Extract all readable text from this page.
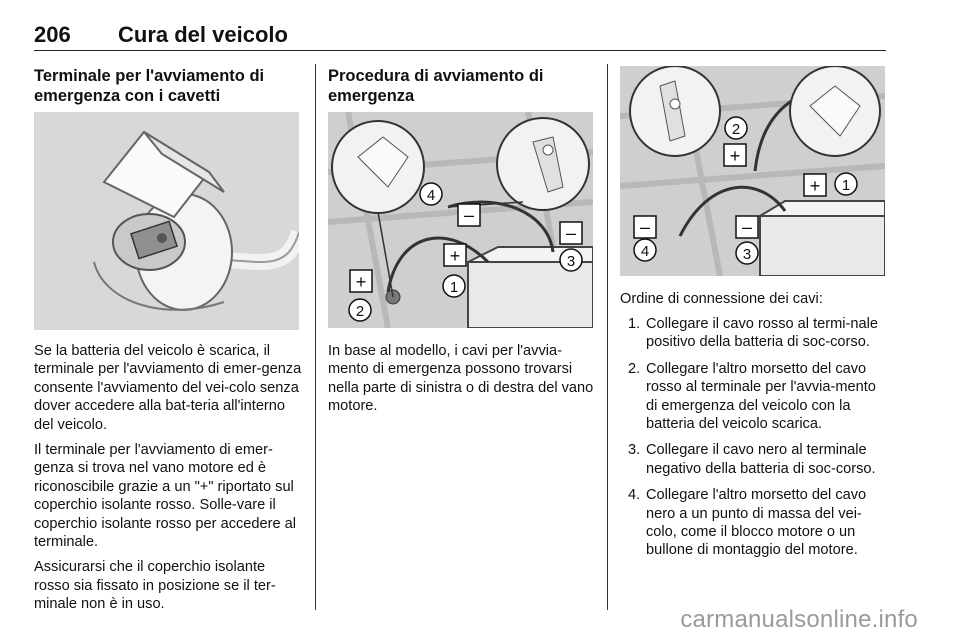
206 Cura del veicolo
Terminale per l'avviamento di emergenza con i cavetti

Se la batteria del veicolo è scarica, il terminale per l'avviamento di emer-genza consente l'avviamento del vei-colo senza dover accedere alla bat-teria all'interno del veicolo.

Il terminale per l'avviamento di emer-genza si trova nel vano motore ed è riconoscibile grazie a un "+" riportato sul coperchio isolante rosso. Solle-vare il coperchio isolante rosso per accedere al terminale.

Assicurarsi che il coperchio isolante rosso sia fissato in posizione se il ter-minale non è in uso.

Procedura di avviamento di emergenza
+
2
+
1
4
–
–
3

In base al modello, i cavi per l'avvia-mento di emergenza possono trovarsi nella parte di sinistra o di destra del vano motore.

2
+
+ 1
–
4
–
3
Ordine di connessione dei cavi:
1. Collegare il cavo rosso al termi-nale positivo della batteria di soc-corso.
2. Collegare l'altro morsetto del cavo rosso al terminale per l'avvia-mento di emergenza del veicolo con la batteria del veicolo scarica.
3. Collegare il cavo nero al terminale negativo della batteria di soc-corso.
4. Collegare l'altro morsetto del cavo nero a un punto di massa del vei-colo, come il blocco motore o un bullone di montaggio del motore.
carmanualsonline.info
